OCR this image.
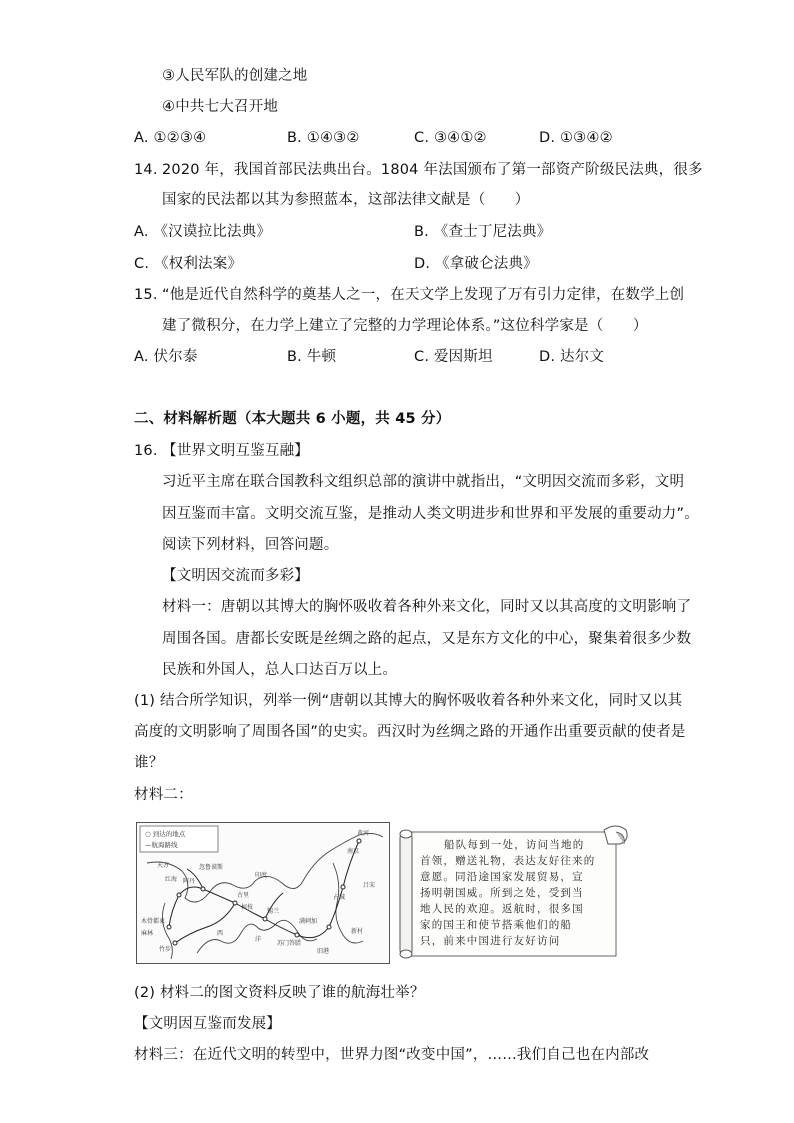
③人民军队的创建之地
④中共七大召开地
A. ①②③④	B. ①④③②	C. ③④①②	D. ①③④②
14. 2020 年，我国首部民法典出台。1804 年法国颁布了第一部资产阶级民法典，很多
国家的民法都以其为参照蓝本，这部法律文献是（　　）
A. 《汉谟拉比法典》	B. 《查士丁尼法典》
C. 《权利法案》	D. 《拿破仑法典》
15. “他是近代自然科学的奠基人之一，在天文学上发现了万有引力定律，在数学上创
建了微积分，在力学上建立了完整的力学理论体系。”这位科学家是（　　）
A. 伏尔泰	B. 牛顿	C. 爱因斯坦	D. 达尔文
二、材料解析题（本大题共 6 小题，共 45 分）
16. 【世界文明互鉴互融】
习近平主席在联合国教科文组织总部的演讲中就指出，“文明因交流而多彩，文明
因互鉴而丰富。文明交流互鉴，是推动人类文明进步和世界和平发展的重要动力”。
阅读下列材料，回答问题。
【文明因交流而多彩】
材料一：唐朝以其博大的胸怀吸收着各种外来文化，同时又以其高度的文明影响了
周围各国。唐都长安既是丝绸之路的起点，又是东方文化的中心，聚集着很多少数
民族和外国人，总人口达百万以上。
(1) 结合所学知识，列举一例“唐朝以其博大的胸怀吸收着各种外来文化，同时又以其
高度的文明影响了周围各国”的史实。西汉时为丝绸之路的开通作出重要贡献的使者是
谁？
材料二：
○ 到达的地点
—航海路线
黄河
南京
忽鲁谟斯
印度
古里
锡兰
满剌加
苏门答腊
占城
吕宋
新村
旧港
木骨都束
红海
麻林
竹步
天方
阿丹
柯枝
西
洋
船队每到一处，访问当地的
首领，赠送礼物，表达友好往来的
意愿。同沿途国家发展贸易，宣
扬明朝国威。所到之处，受到当
地人民的欢迎。返航时，很多国
家的国王和使节搭乘他们的船
只，前来中国进行友好访问
(2) 材料二的图文资料反映了谁的航海壮举？
【文明因互鉴而发展】
材料三：在近代文明的转型中，世界力图“改变中国”，……我们自己也在内部改
